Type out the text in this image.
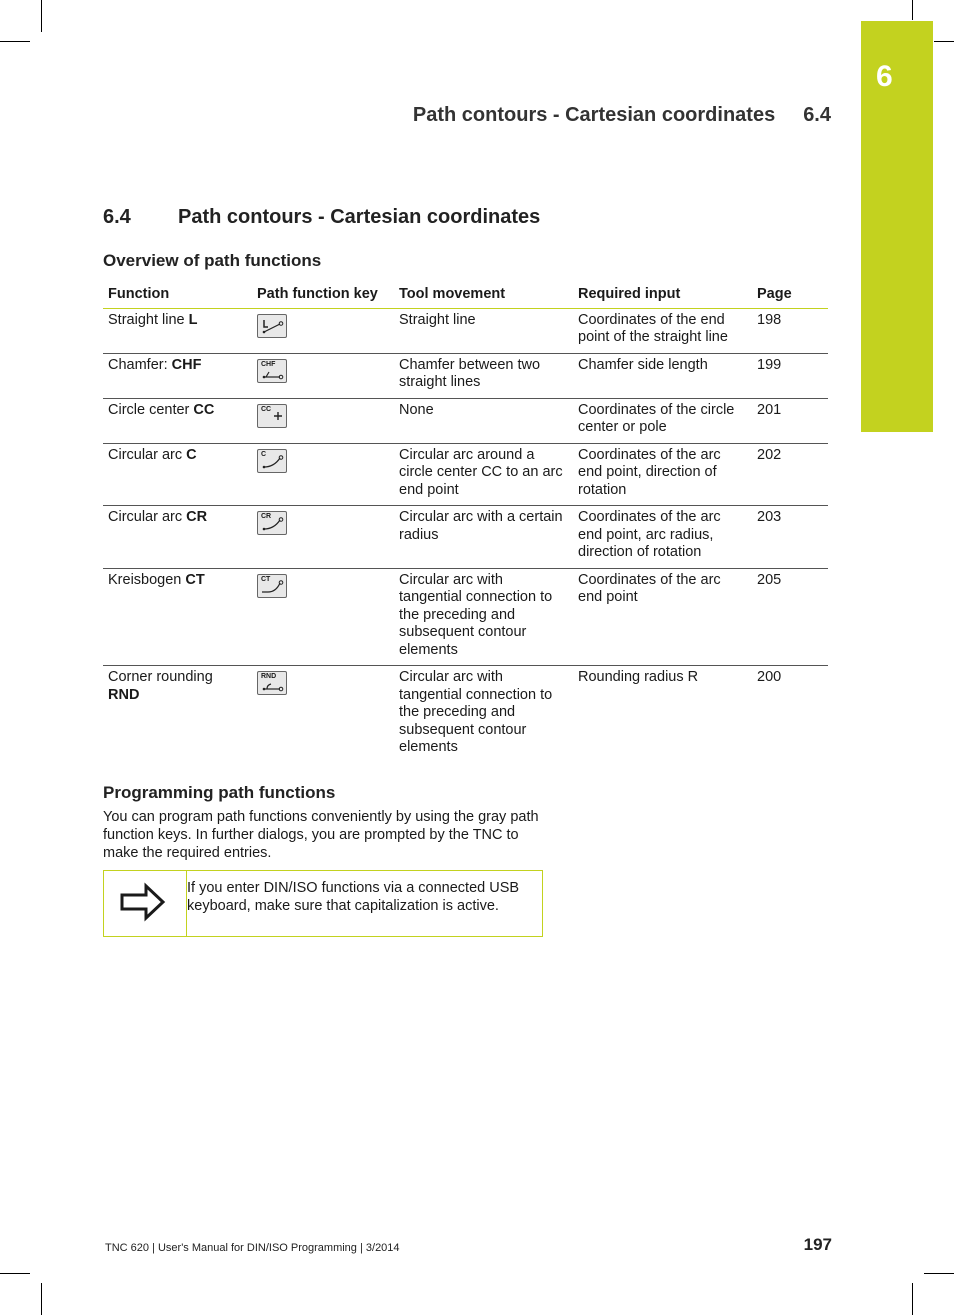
6
Path contours - Cartesian coordinates 6.4
6.4 Path contours - Cartesian coordinates
Overview of path functions
Function	Path function key	Tool movement	Required input	Page
Straight line L		Straight line	Coordinates of the end point of the straight line	198
Chamfer: CHF	CHF	Chamfer between two straight lines	Chamfer side length	199
Circle center CC	CC	None	Coordinates of the circle center or pole	201
Circular arc C	C	Circular arc around a circle center CC to an arc end point	Coordinates of the arc end point, direction of rotation	202
Circular arc CR	CR	Circular arc with a certain radius	Coordinates of the arc end point, arc radius, direction of rotation	203
Kreisbogen CT	CT	Circular arc with tangential connection to the preceding and subsequent contour elements	Coordinates of the arc end point	205
Corner rounding RND	RND	Circular arc with tangential connection to the preceding and subsequent contour elements	Rounding radius R	200
Programming path functions

You can program path functions conveniently by using the gray path function keys. In further dialogs, you are prompted by the TNC to make the required entries.

If you enter DIN/ISO functions via a connected USB keyboard, make sure that capitalization is active.
TNC 620 | User's Manual for DIN/ISO Programming | 3/2014	197
